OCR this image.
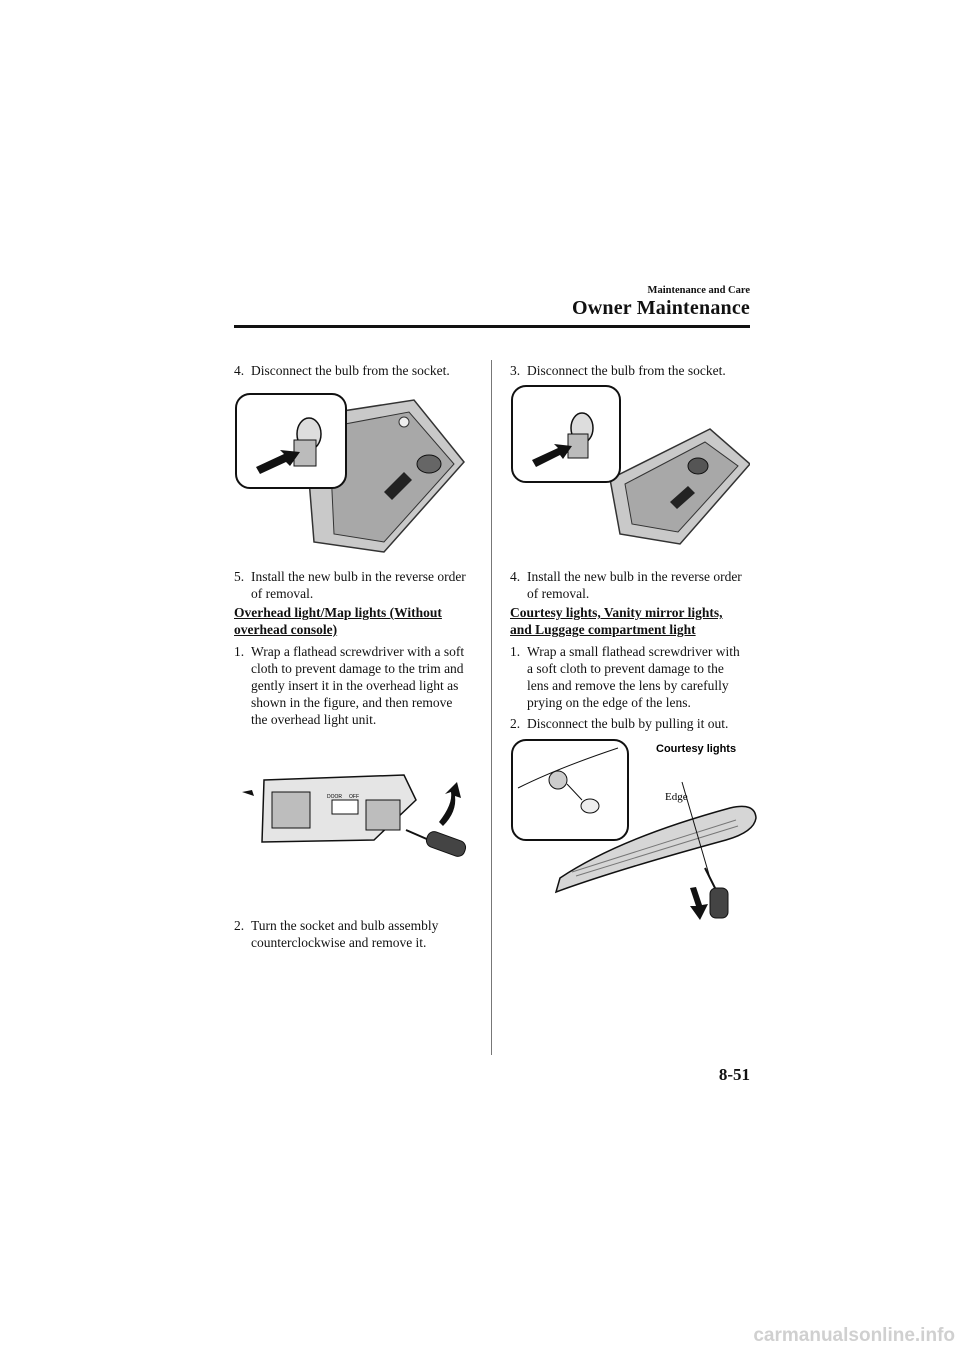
Maintenance and Care
Owner Maintenance
4. Disconnect the bulb from the socket.
5. Install the new bulb in the reverse order
of removal.
Overhead light/Map lights (Without
overhead console)
1. Wrap a flathead screwdriver with a soft
cloth to prevent damage to the trim and
gently insert it in the overhead light as
shown in the figure, and then remove
the overhead light unit.
DOOR OFF
2. Turn the socket and bulb assembly
counterclockwise and remove it.
3. Disconnect the bulb from the socket.
4. Install the new bulb in the reverse order
of removal.
Courtesy lights, Vanity mirror lights,
and Luggage compartment light
1. Wrap a small flathead screwdriver with
a soft cloth to prevent damage to the
lens and remove the lens by carefully
prying on the edge of the lens.
2. Disconnect the bulb by pulling it out.
Courtesy lights
Edge
8-51
carmanualsonline.info
